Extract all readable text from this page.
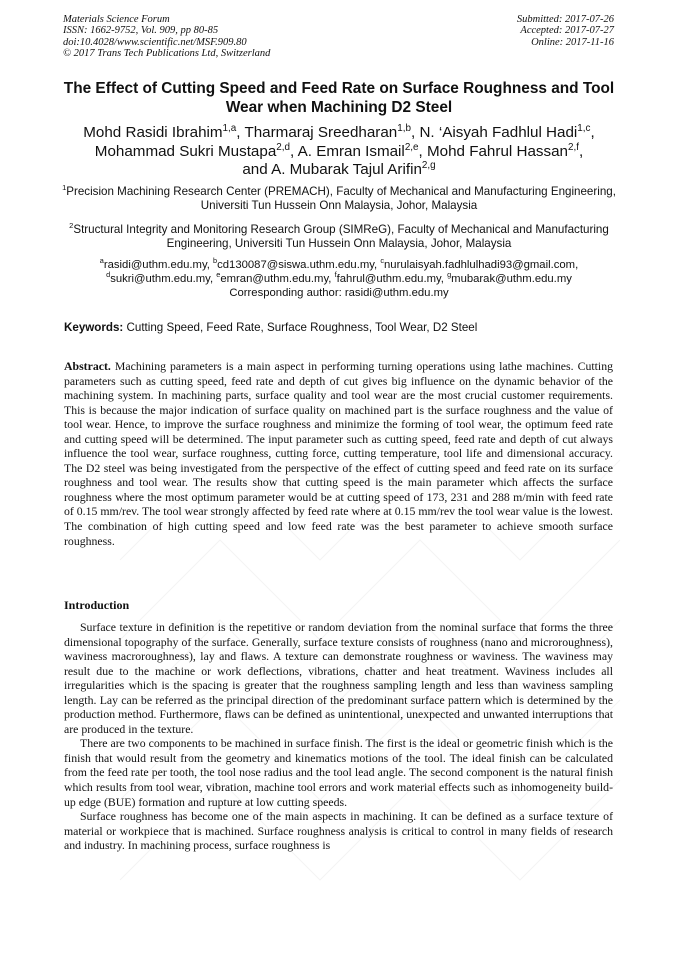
Materials Science Forum
ISSN: 1662-9752, Vol. 909, pp 80-85
doi:10.4028/www.scientific.net/MSF.909.80
© 2017 Trans Tech Publications Ltd, Switzerland
Submitted: 2017-07-26
Accepted: 2017-07-27
Online: 2017-11-16
The Effect of Cutting Speed and Feed Rate on Surface Roughness and Tool Wear when Machining D2 Steel
Mohd Rasidi Ibrahim$^{1,a}$, Tharmaraj Sreedharan$^{1,b}$, N. ‘Aisyah Fadhlul Hadi$^{1,c}$,
Mohammad Sukri Mustapa$^{2,d}$, A. Emran Ismail$^{2,e}$, Mohd Fahrul Hassan$^{2,f}$,
and A. Mubarak Tajul Arifin$^{2,g}$
$^1$Precision Machining Research Center (PREMACH), Faculty of Mechanical and Manufacturing Engineering, Universiti Tun Hussein Onn Malaysia, Johor, Malaysia
$^2$Structural Integrity and Monitoring Research Group (SIMReG), Faculty of Mechanical and Manufacturing Engineering, Universiti Tun Hussein Onn Malaysia, Johor, Malaysia
$^a$rasidi@uthm.edu.my, $^b$cd130087@siswa.uthm.edu.my, $^c$nurulaisyah.fadhlulhadi93@gmail.com,
$^d$sukri@uthm.edu.my, $^e$emran@uthm.edu.my, $^f$fahrul@uthm.edu.my, $^g$mubarak@uthm.edu.my
Corresponding author: rasidi@uthm.edu.my
Keywords: Cutting Speed, Feed Rate, Surface Roughness, Tool Wear, D2 Steel
Abstract. Machining parameters is a main aspect in performing turning operations using lathe machines. Cutting parameters such as cutting speed, feed rate and depth of cut gives big influence on the dynamic behavior of the machining system. In machining parts, surface quality and tool wear are the most crucial customer requirements. This is because the major indication of surface quality on machined part is the surface roughness and the value of tool wear. Hence, to improve the surface roughness and minimize the forming of tool wear, the optimum feed rate and cutting speed will be determined. The input parameter such as cutting speed, feed rate and depth of cut always influence the tool wear, surface roughness, cutting force, cutting temperature, tool life and dimensional accuracy. The D2 steel was being investigated from the perspective of the effect of cutting speed and feed rate on its surface roughness and tool wear. The results show that cutting speed is the main parameter which affects the surface roughness where the most optimum parameter would be at cutting speed of 173, 231 and 288 m/min with feed rate of 0.15 mm/rev. The tool wear strongly affected by feed rate where at 0.15 mm/rev the tool wear value is the lowest. The combination of high cutting speed and low feed rate was the best parameter to achieve smooth surface roughness.
Introduction

Surface texture in definition is the repetitive or random deviation from the nominal surface that forms the three dimensional topography of the surface. Generally, surface texture consists of roughness (nano and microroughness), waviness macroroughness), lay and flaws. A texture can demonstrate roughness or waviness. The waviness may result due to the machine or work deflections, vibrations, chatter and heat treatment. Waviness includes all irregularities which is the spacing is greater that the roughness sampling length and less than waviness sampling length. Lay can be referred as the principal direction of the predominant surface pattern which is determined by the production method. Furthermore, flaws can be defined as unintentional, unexpected and unwanted interruptions that are produced in the texture.

There are two components to be machined in surface finish. The first is the ideal or geometric finish which is the finish that would result from the geometry and kinematics motions of the tool. The ideal finish can be calculated from the feed rate per tooth, the tool nose radius and the tool lead angle. The second component is the natural finish which results from tool wear, vibration, machine tool errors and work material effects such as inhomogeneity build-up edge (BUE) formation and rupture at low cutting speeds.

Surface roughness has become one of the main aspects in machining. It can be defined as a surface texture of material or workpiece that is machined. Surface roughness analysis is critical to control in many fields of research and industry. In machining process, surface roughness is
